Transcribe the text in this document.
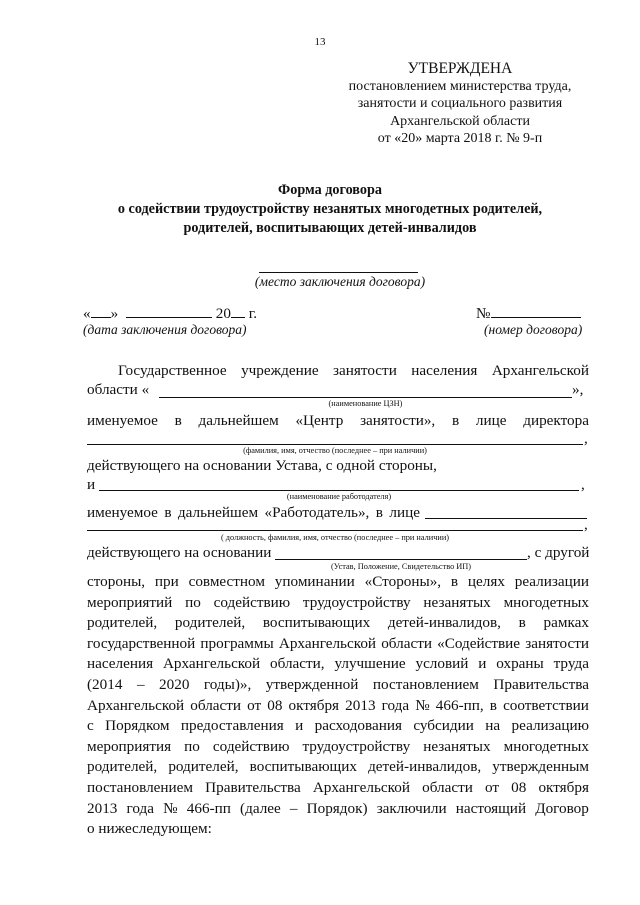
13
УТВЕРЖДЕНА
постановлением министерства труда,
занятости и социального развития
Архангельской области
от «20» марта 2018 г. № 9-п
Форма договора
о содействии трудоустройству незанятых многодетных родителей,
родителей, воспитывающих детей-инвалидов
(место заключения договора)
« »	20 г.
(дата заключения договора)
№
(номер договора)
Государственное учреждение занятости населения Архангельской
области «	»,
(наименование ЦЗН)
именуемое в дальнейшем «Центр занятости», в лице директора
,
(фамилия, имя, отчество (последнее – при наличии)
действующего на основании Устава, с одной стороны,
и	,
(наименование работодателя)
именуемое в дальнейшем «Работодатель», в лице
,
( должность, фамилия, имя, отчество (последнее – при наличии)
действующего на основании	, с другой
(Устав, Положение, Свидетельство ИП)
стороны, при совместном упоминании «Стороны», в целях реализации
мероприятий по содействию трудоустройству незанятых многодетных
родителей, родителей, воспитывающих детей-инвалидов, в рамках
государственной программы Архангельской области «Содействие занятости
населения Архангельской области, улучшение условий и охраны труда
(2014 – 2020 годы)», утвержденной постановлением Правительства
Архангельской области от 08 октября 2013 года № 466-пп, в соответствии
с Порядком предоставления и расходования субсидии на реализацию
мероприятия по содействию трудоустройству незанятых многодетных
родителей, родителей, воспитывающих детей-инвалидов, утвержденным
постановлением Правительства Архангельской области от 08 октября
2013 года № 466-пп (далее – Порядок) заключили настоящий Договор
о нижеследующем:
